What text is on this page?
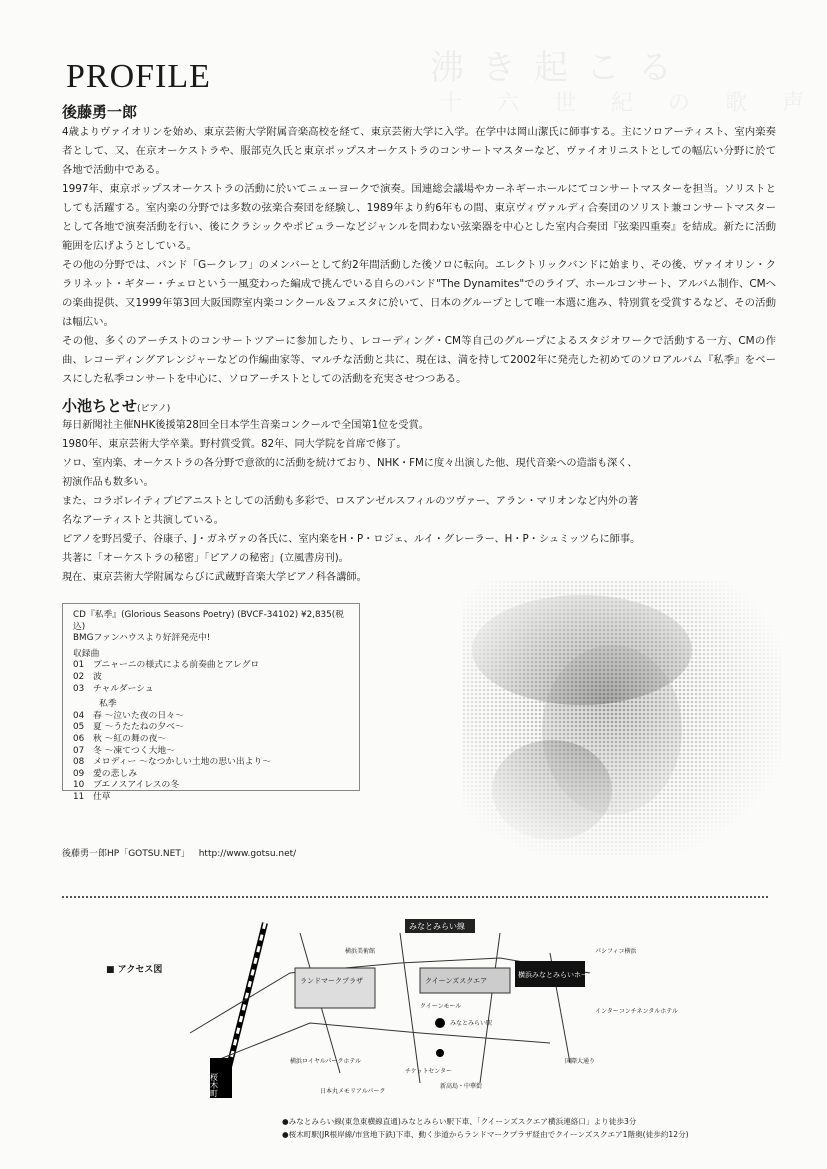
沸き起こる
十 六 世 紀 の 歌 声
PROFILE
後藤勇一郎

4歳よりヴァイオリンを始め、東京芸術大学附属音楽高校を経て、東京芸術大学に入学。在学中は岡山潔氏に師事する。主にソロアーティスト、室内楽奏者として、又、在京オーケストラや、服部克久氏と東京ポップスオーケストラのコンサートマスターなど、ヴァイオリニストとしての幅広い分野に於て各地で活動中である。

1997年、東京ポップスオーケストラの活動に於いてニューヨークで演奏。国連総会議場やカーネギーホールにてコンサートマスターを担当。ソリストとしても活躍する。室内楽の分野では多数の弦楽合奏団を経験し、1989年より約6年もの間、東京ヴィヴァルディ合奏団のソリスト兼コンサートマスターとして各地で演奏活動を行い、後にクラシックやポピュラーなどジャンルを問わない弦楽器を中心とした室内合奏団『弦楽四重奏』を結成。新たに活動範囲を広げようとしている。

その他の分野では、バンド「Gークレフ」のメンバーとして約2年間活動した後ソロに転向。エレクトリックバンドに始まり、その後、ヴァイオリン・クラリネット・ギター・チェロという一風変わった編成で挑んでいる自らのバンド"The Dynamites"でのライブ、ホールコンサート、アルバム制作、CMへの楽曲提供、又1999年第3回大阪国際室内楽コンクール＆フェスタに於いて、日本のグループとして唯一本選に進み、特別賞を受賞するなど、その活動は幅広い。

その他、多くのアーチストのコンサートツアーに参加したり、レコーディング・CM等自己のグループによるスタジオワークで活動する一方、CMの作曲、レコーディングアレンジャーなどの作編曲家等、マルチな活動と共に、現在は、満を持して2002年に発売した初めてのソロアルバム『私季』をベースにした私季コンサートを中心に、ソロアーチストとしての活動を充実させつつある。

小池ちとせ(ピアノ)

毎日新聞社主催NHK後援第28回全日本学生音楽コンクールで全国第1位を受賞。

1980年、東京芸術大学卒業。野村賞受賞。82年、同大学院を首席で修了。

ソロ、室内楽、オーケストラの各分野で意欲的に活動を続けており、NHK・FMに度々出演した他、現代音楽への造詣も深く、初演作品も数多い。

また、コラボレイティブピアニストとしての活動も多彩で、ロスアンゼルスフィルのツヴァー、アラン・マリオンなど内外の著名なアーティストと共演している。

ピアノを野呂愛子、谷康子、J・ガネヴァの各氏に、室内楽をH・P・ロジェ、ルイ・グレーラー、H・P・シュミッツらに師事。共著に「オーケストラの秘密」「ピアノの秘密」(立風書房刊)。

現在、東京芸術大学附属ならびに武蔵野音楽大学ピアノ科各講師。

CD『私季』(Glorious Seasons Poetry) (BVCF-34102) ¥2,835(税込)
BMGファンハウスより好評発売中!
収録曲
01 プニャーニの様式による前奏曲とアレグロ
02 波
03 チャルダーシュ
私季
04 春 ～泣いた夜の日々～
05 夏 ～うたたねの夕べ～
06 秋 ～紅の舞の夜～
07 冬 ～凍てつく大地～
08 メロディー ～なつかしい土地の思い出より～
09 愛の悲しみ
10 ブエノスアイレスの冬
11 仕草
後藤勇一郎HP「GOTSU.NET」 http://www.gotsu.net/
■ アクセス図
みなとみらい線
横浜みなとみらいホール
ランドマークプラザ	クイーンズスクエア
横浜美術館
クイーンモール
みなとみらい駅
パシフィコ横浜
インターコンチネンタルホテル
横浜ロイヤルパークホテル
チケットセンター
日本丸メモリアルパーク
国際大通り
新高島・中華街
桜木町

●みなとみらい線(東急東横線直通)みなとみらい駅下車、「クイーンズスクエア横浜連絡口」より徒歩3分

●桜木町駅(JR根岸線/市営地下鉄)下車、動く歩道からランドマークプラザ経由でクイーンズスクエア1階奥(徒歩約12分)
